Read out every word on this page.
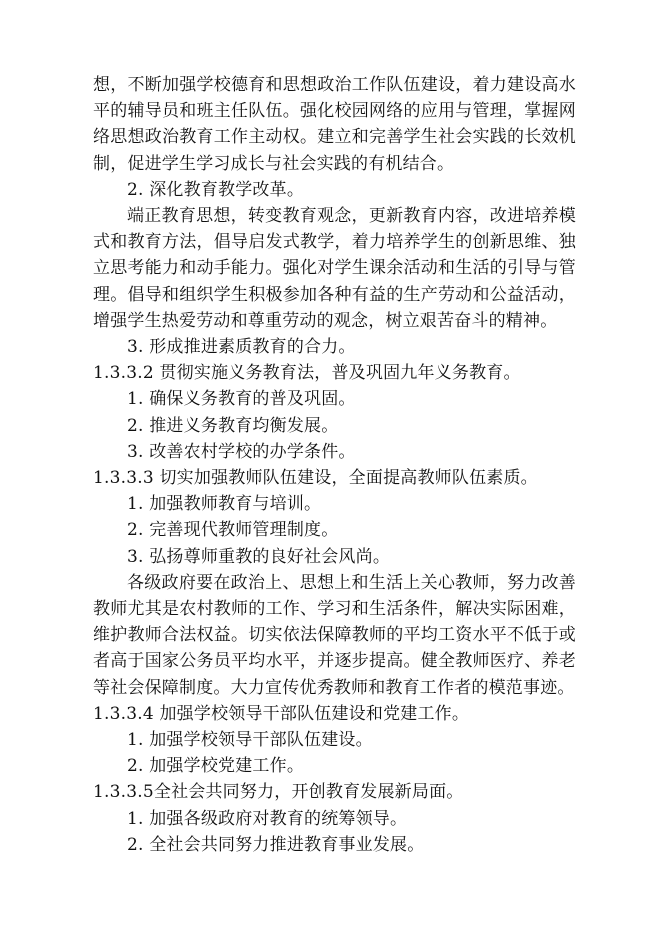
想，不断加强学校德育和思想政治工作队伍建设，着力建设高水平的辅导员和班主任队伍。强化校园网络的应用与管理，掌握网络思想政治教育工作主动权。建立和完善学生社会实践的长效机制，促进学生学习成长与社会实践的有机结合。

2. 深化教育教学改革。

端正教育思想，转变教育观念，更新教育内容，改进培养模式和教育方法，倡导启发式教学，着力培养学生的创新思维、独立思考能力和动手能力。强化对学生课余活动和生活的引导与管理。倡导和组织学生积极参加各种有益的生产劳动和公益活动，增强学生热爱劳动和尊重劳动的观念，树立艰苦奋斗的精神。

3. 形成推进素质教育的合力。

1.3.3.2 贯彻实施义务教育法，普及巩固九年义务教育。

1. 确保义务教育的普及巩固。

2. 推进义务教育均衡发展。

3. 改善农村学校的办学条件。

1.3.3.3 切实加强教师队伍建设，全面提高教师队伍素质。

1. 加强教师教育与培训。

2. 完善现代教师管理制度。

3. 弘扬尊师重教的良好社会风尚。

各级政府要在政治上、思想上和生活上关心教师，努力改善教师尤其是农村教师的工作、学习和生活条件，解决实际困难，维护教师合法权益。切实依法保障教师的平均工资水平不低于或者高于国家公务员平均水平，并逐步提高。健全教师医疗、养老等社会保障制度。大力宣传优秀教师和教育工作者的模范事迹。

1.3.3.4 加强学校领导干部队伍建设和党建工作。

1. 加强学校领导干部队伍建设。

2. 加强学校党建工作。

1.3.3.5全社会共同努力，开创教育发展新局面。

1. 加强各级政府对教育的统筹领导。

2. 全社会共同努力推进教育事业发展。
